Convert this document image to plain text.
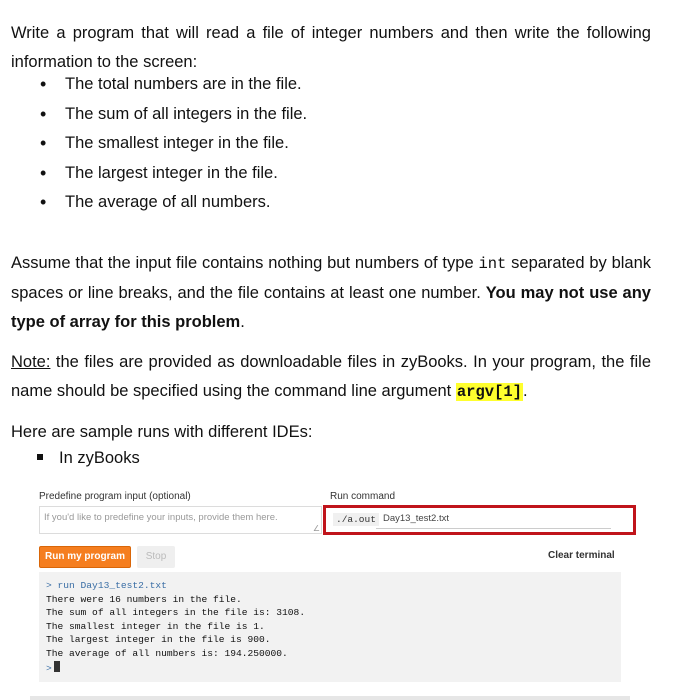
Write a program that will read a file of integer numbers and then write the following information to the screen:

• The total numbers are in the file.
• The sum of all integers in the file.
• The smallest integer in the file.
• The largest integer in the file.
• The average of all numbers.

Assume that the input file contains nothing but numbers of type int separated by blank spaces or line breaks, and the file contains at least one number. You may not use any type of array for this problem.

Note: the files are provided as downloadable files in zyBooks. In your program, the file name should be specified using the command line argument argv[1].

Here are sample runs with different IDEs:

In zyBooks
Predefine program input (optional)	Run command
If you'd like to predefine your inputs, provide them here.
∠
./a.out Day13_test2.txt
Run my program	Stop	Clear terminal
> run Day13_test2.txt
There were 16 numbers in the file.
The sum of all integers in the file is: 3108.
The smallest integer in the file is 1.
The largest integer in the file is 900.
The average of all numbers is: 194.250000.
>
